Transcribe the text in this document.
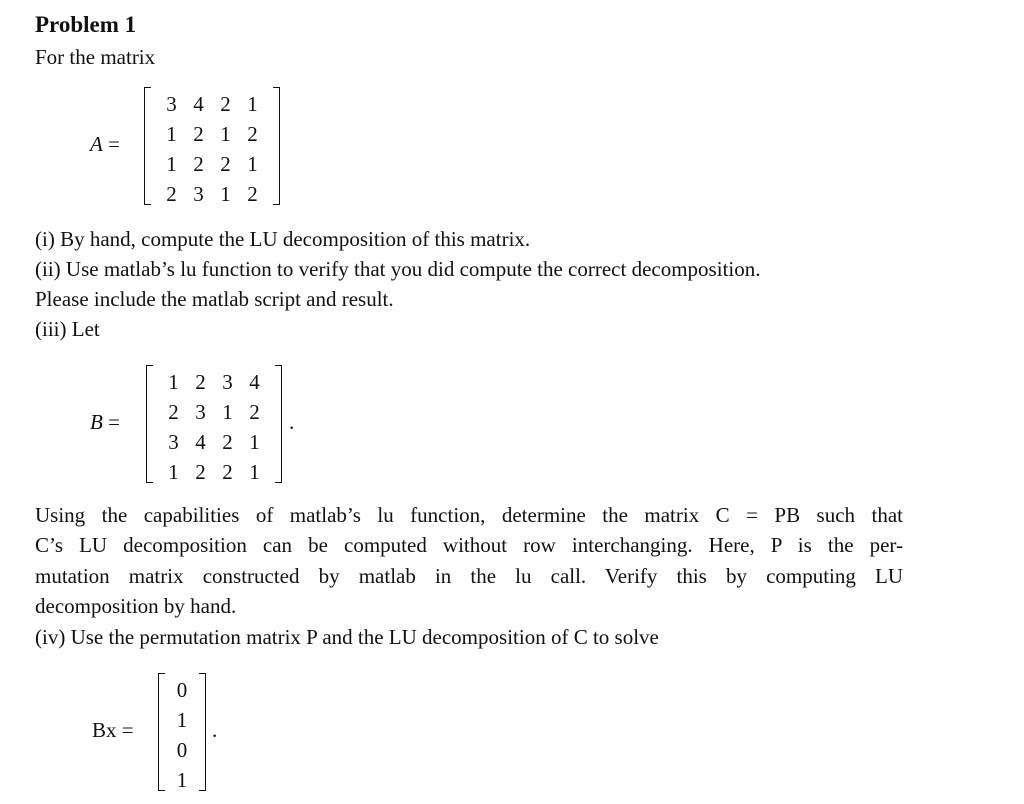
Problem 1
For the matrix
A =
3 4 2 1
1 2 1 2
1 2 2 1
2 3 1 2
(i) By hand, compute the LU decomposition of this matrix.
(ii) Use matlab’s lu function to verify that you did compute the correct decomposition.
Please include the matlab script and result.
(iii) Let
B =
1 2 3 4
2 3 1 2
3 4 2 1
1 2 2 1
.
Using the capabilities of matlab’s lu function, determine the matrix C = PB such that
C’s LU decomposition can be computed without row interchanging. Here, P is the per-
mutation matrix constructed by matlab in the lu call. Verify this by computing LU
decomposition by hand.
(iv) Use the permutation matrix P and the LU decomposition of C to solve
Bx =
0
1
0
1
.
